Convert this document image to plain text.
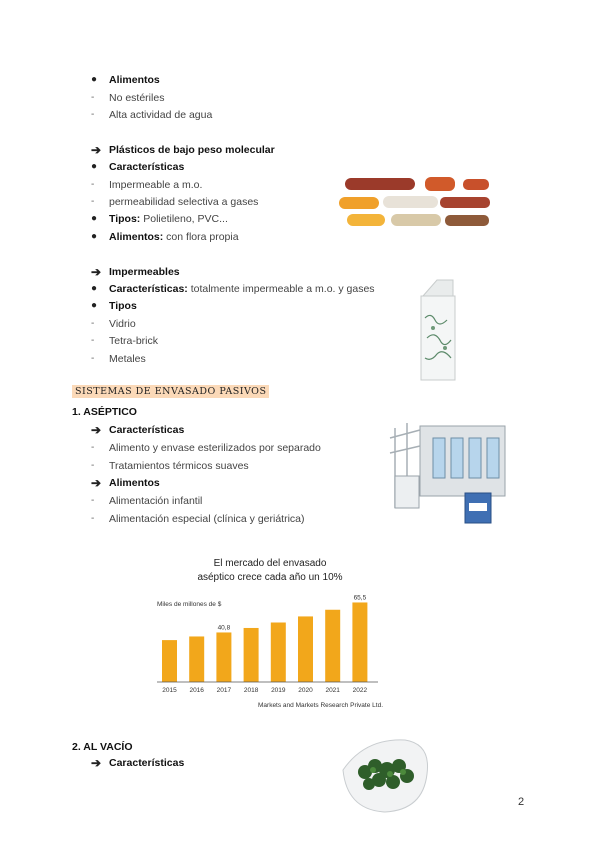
● Alimentos
- No estériles
- Alta actividad de agua
➔ Plásticos de bajo peso molecular
● Características
- Impermeable a m.o.
- permeabilidad selectiva a gases
● Tipos: Polietileno, PVC...
● Alimentos: con flora propia
➔ Impermeables
● Características: totalmente impermeable a m.o. y gases
● Tipos
- Vidrio
- Tetra-brick
- Metales
SISTEMAS DE ENVASADO PASIVOS
1. ASÉPTICO
➔ Características
- Alimento y envase esterilizados por separado
- Tratamientos térmicos suaves
➔ Alimentos
- Alimentación infantil
- Alimentación especial (clínica y geriátrica)
El mercado del envasado
aséptico crece cada año un 10%
Miles de millones de $
2015 2016 2017
40,8
2018 2019 2020 2021 2022
65,5
Markets and Markets Research Private Ltd.
2. AL VACÍO
➔ Características
2
